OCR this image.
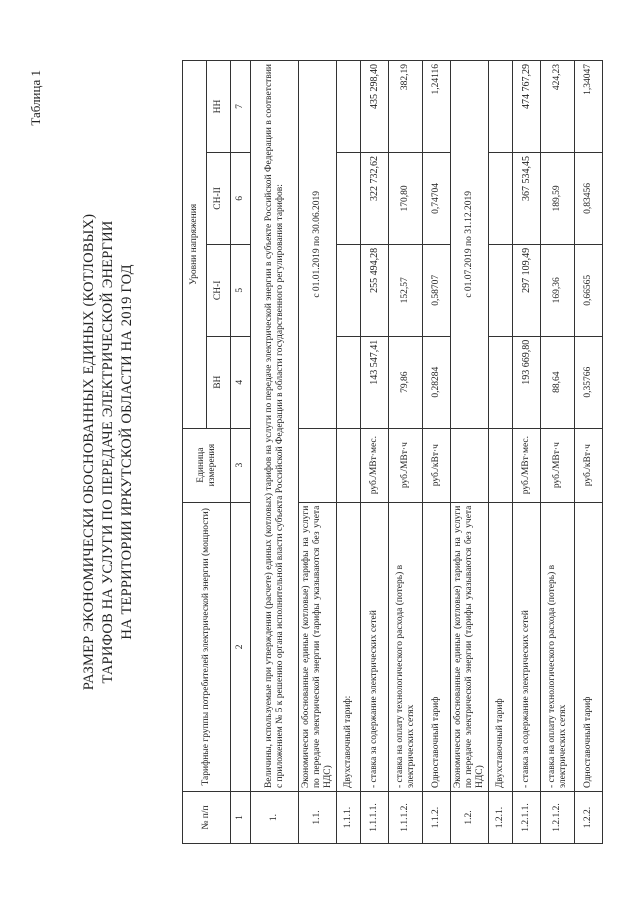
Таблица 1
РАЗМЕР ЭКОНОМИЧЕСКИ ОБОСНОВАННЫХ ЕДИНЫХ (КОТЛОВЫХ) ТАРИФОВ НА УСЛУГИ ПО ПЕРЕДАЧЕ ЭЛЕКТРИЧЕСКОЙ ЭНЕРГИИ НА ТЕРРИТОРИИ ИРКУТСКОЙ ОБЛАСТИ НА 2019 ГОД
№ п/п	Тарифные группы потребителей электрической энергии (мощности)	Единица измерения	Уровни напряжения			
			ВН	СН-I	СН-II	НН
1	2	3	4	5	6	7
1.	Величины, используемые при утверждении (расчете) единых (котловых) тарифов на услуги по передаче электрической энергии в субъекте Российской Федерации в соответствии с приложением № 5 к решению органа исполнительной власти субъекта Российской Федерации в области государственного регулирования тарифов:					
1.1.	Экономически обоснованные единые (котловые) тарифы на услуги по передаче электрической энергии (тарифы указываются без учета НДС)		с 01.01.2019 по 30.06.2019			
1.1.1.	Двухставочный тариф:					
1.1.1.1.	- ставка за содержание электрических сетей	руб./МВт·мес.	143 547,41	255 494,28	322 732,62	435 298,40
1.1.1.2.	- ставка на оплату технологического расхода (потерь) в электрических сетях	руб./МВт·ч	79,86	152,57	170,80	382,19
1.1.2.	Одноставочный тариф	руб./кВт·ч	0,28284	0,58707	0,74704	1,24116
1.2.	Экономически обоснованные единые (котловые) тарифы на услуги по передаче электрической энергии (тарифы указываются без учета НДС)		с 01.07.2019 по 31.12.2019			
1.2.1.	Двухставочный тариф					
1.2.1.1.	- ставка за содержание электрических сетей	руб./МВт·мес.	193 669,80	297 109,49	367 534,45	474 767,29
1.2.1.2.	- ставка на оплату технологического расхода (потерь) в электрических сетях	руб./МВт·ч	88,64	169,36	189,59	424,23
1.2.2.	Одноставочный тариф	руб./кВт·ч	0,35766	0,66565	0,83456	1,34047
